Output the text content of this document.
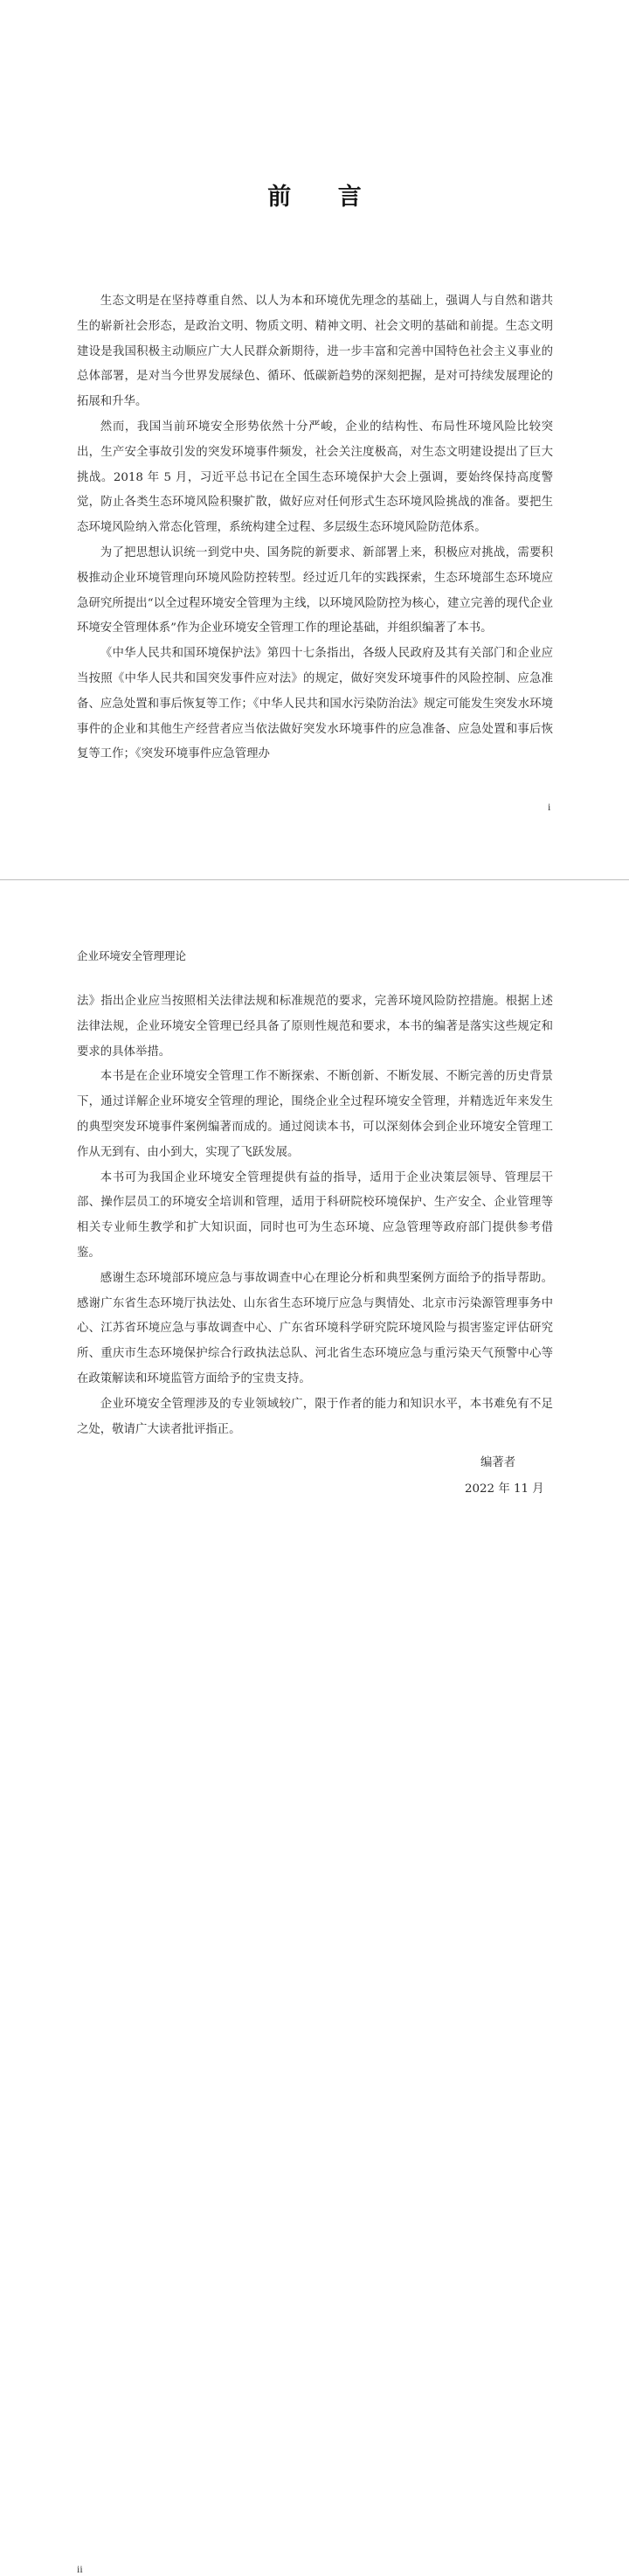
前 言

生态文明是在坚持尊重自然、以人为本和环境优先理念的基础上，强调人与自然和谐共生的崭新社会形态，是政治文明、物质文明、精神文明、社会文明的基础和前提。生态文明建设是我国积极主动顺应广大人民群众新期待，进一步丰富和完善中国特色社会主义事业的总体部署，是对当今世界发展绿色、循环、低碳新趋势的深刻把握，是对可持续发展理论的拓展和升华。

然而，我国当前环境安全形势依然十分严峻，企业的结构性、布局性环境风险比较突出，生产安全事故引发的突发环境事件频发，社会关注度极高，对生态文明建设提出了巨大挑战。2018 年 5 月，习近平总书记在全国生态环境保护大会上强调，要始终保持高度警觉，防止各类生态环境风险积聚扩散，做好应对任何形式生态环境风险挑战的准备。要把生态环境风险纳入常态化管理，系统构建全过程、多层级生态环境风险防范体系。

为了把思想认识统一到党中央、国务院的新要求、新部署上来，积极应对挑战，需要积极推动企业环境管理向环境风险防控转型。经过近几年的实践探索，生态环境部生态环境应急研究所提出“以全过程环境安全管理为主线，以环境风险防控为核心，建立完善的现代企业环境安全管理体系”作为企业环境安全管理工作的理论基础，并组织编著了本书。

《中华人民共和国环境保护法》第四十七条指出，各级人民政府及其有关部门和企业应当按照《中华人民共和国突发事件应对法》的规定，做好突发环境事件的风险控制、应急准备、应急处置和事后恢复等工作；《中华人民共和国水污染防治法》规定可能发生突发水环境事件的企业和其他生产经营者应当依法做好突发水环境事件的应急准备、应急处置和事后恢复等工作；《突发环境事件应急管理办

i
企业环境安全管理理论

法》指出企业应当按照相关法律法规和标准规范的要求，完善环境风险防控措施。根据上述法律法规，企业环境安全管理已经具备了原则性规范和要求，本书的编著是落实这些规定和要求的具体举措。

本书是在企业环境安全管理工作不断探索、不断创新、不断发展、不断完善的历史背景下，通过详解企业环境安全管理的理论，围绕企业全过程环境安全管理，并精选近年来发生的典型突发环境事件案例编著而成的。通过阅读本书，可以深刻体会到企业环境安全管理工作从无到有、由小到大，实现了飞跃发展。

本书可为我国企业环境安全管理提供有益的指导，适用于企业决策层领导、管理层干部、操作层员工的环境安全培训和管理，适用于科研院校环境保护、生产安全、企业管理等相关专业师生教学和扩大知识面，同时也可为生态环境、应急管理等政府部门提供参考借鉴。

感谢生态环境部环境应急与事故调查中心在理论分析和典型案例方面给予的指导帮助。感谢广东省生态环境厅执法处、山东省生态环境厅应急与舆情处、北京市污染源管理事务中心、江苏省环境应急与事故调查中心、广东省环境科学研究院环境风险与损害鉴定评估研究所、重庆市生态环境保护综合行政执法总队、河北省生态环境应急与重污染天气预警中心等在政策解读和环境监管方面给予的宝贵支持。

企业环境安全管理涉及的专业领域较广，限于作者的能力和知识水平，本书难免有不足之处，敬请广大读者批评指正。

ii
编著者
2022 年 11 月
